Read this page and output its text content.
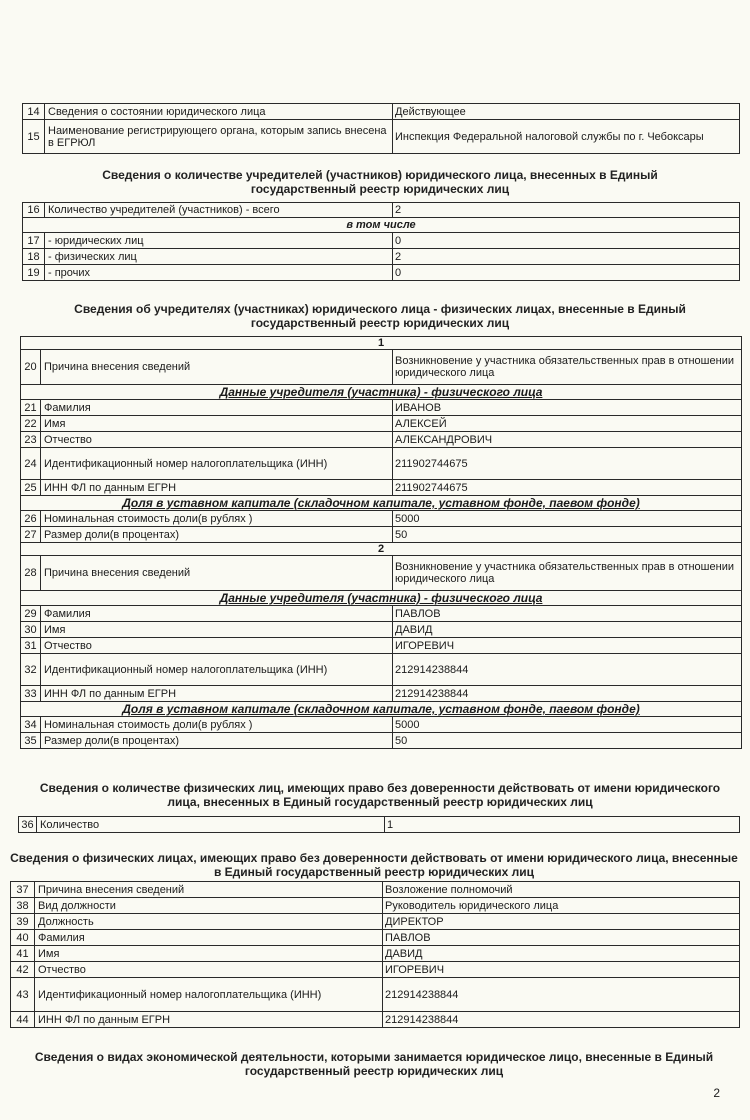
14	Сведения о состоянии юридического лица	Действующее
15	Наименование регистрирующего органа, которым запись внесена в ЕГРЮЛ	Инспекция Федеральной налоговой службы по г. Чебоксары
Сведения о количестве учредителей (участников) юридического лица, внесенных в Единый государственный реестр юридических лиц
16	Количество учредителей (участников) - всего	2
в том числе		
17	- юридических лиц	0
18	- физических лиц	2
19	- прочих	0
Сведения об учредителях (участниках) юридического лица - физических лицах, внесенные в Единый государственный реестр юридических лиц
1		
20	Причина внесения сведений	Возникновение у участника обязательственных прав в отношении юридического лица
Данные учредителя (участника) - физического лица		
21	Фамилия	ИВАНОВ
22	Имя	АЛЕКСЕЙ
23	Отчество	АЛЕКСАНДРОВИЧ
24	Идентификационный номер налогоплательщика (ИНН)	211902744675
25	ИНН ФЛ по данным ЕГРН	211902744675
Доля в уставном капитале (складочном капитале, уставном фонде, паевом фонде)		
26	Номинальная стоимость доли(в рублях )	5000
27	Размер доли(в процентах)	50
2		
28	Причина внесения сведений	Возникновение у участника обязательственных прав в отношении юридического лица
Данные учредителя (участника) - физического лица		
29	Фамилия	ПАВЛОВ
30	Имя	ДАВИД
31	Отчество	ИГОРЕВИЧ
32	Идентификационный номер налогоплательщика (ИНН)	212914238844
33	ИНН ФЛ по данным ЕГРН	212914238844
Доля в уставном капитале (складочном капитале, уставном фонде, паевом фонде)		
34	Номинальная стоимость доли(в рублях )	5000
35	Размер доли(в процентах)	50
Сведения о количестве физических лиц, имеющих право без доверенности действовать от имени юридического лица, внесенных в Единый государственный реестр юридических лиц
36	Количество	1
Сведения о физических лицах, имеющих право без доверенности действовать от имени юридического лица, внесенные в Единый государственный реестр юридических лиц
37	Причина внесения сведений	Возложение полномочий
38	Вид должности	Руководитель юридического лица
39	Должность	ДИРЕКТОР
40	Фамилия	ПАВЛОВ
41	Имя	ДАВИД
42	Отчество	ИГОРЕВИЧ
43	Идентификационный номер налогоплательщика (ИНН)	212914238844
44	ИНН ФЛ по данным ЕГРН	212914238844
Сведения о видах экономической деятельности, которыми занимается юридическое лицо, внесенные в Единый государственный реестр юридических лиц
2
